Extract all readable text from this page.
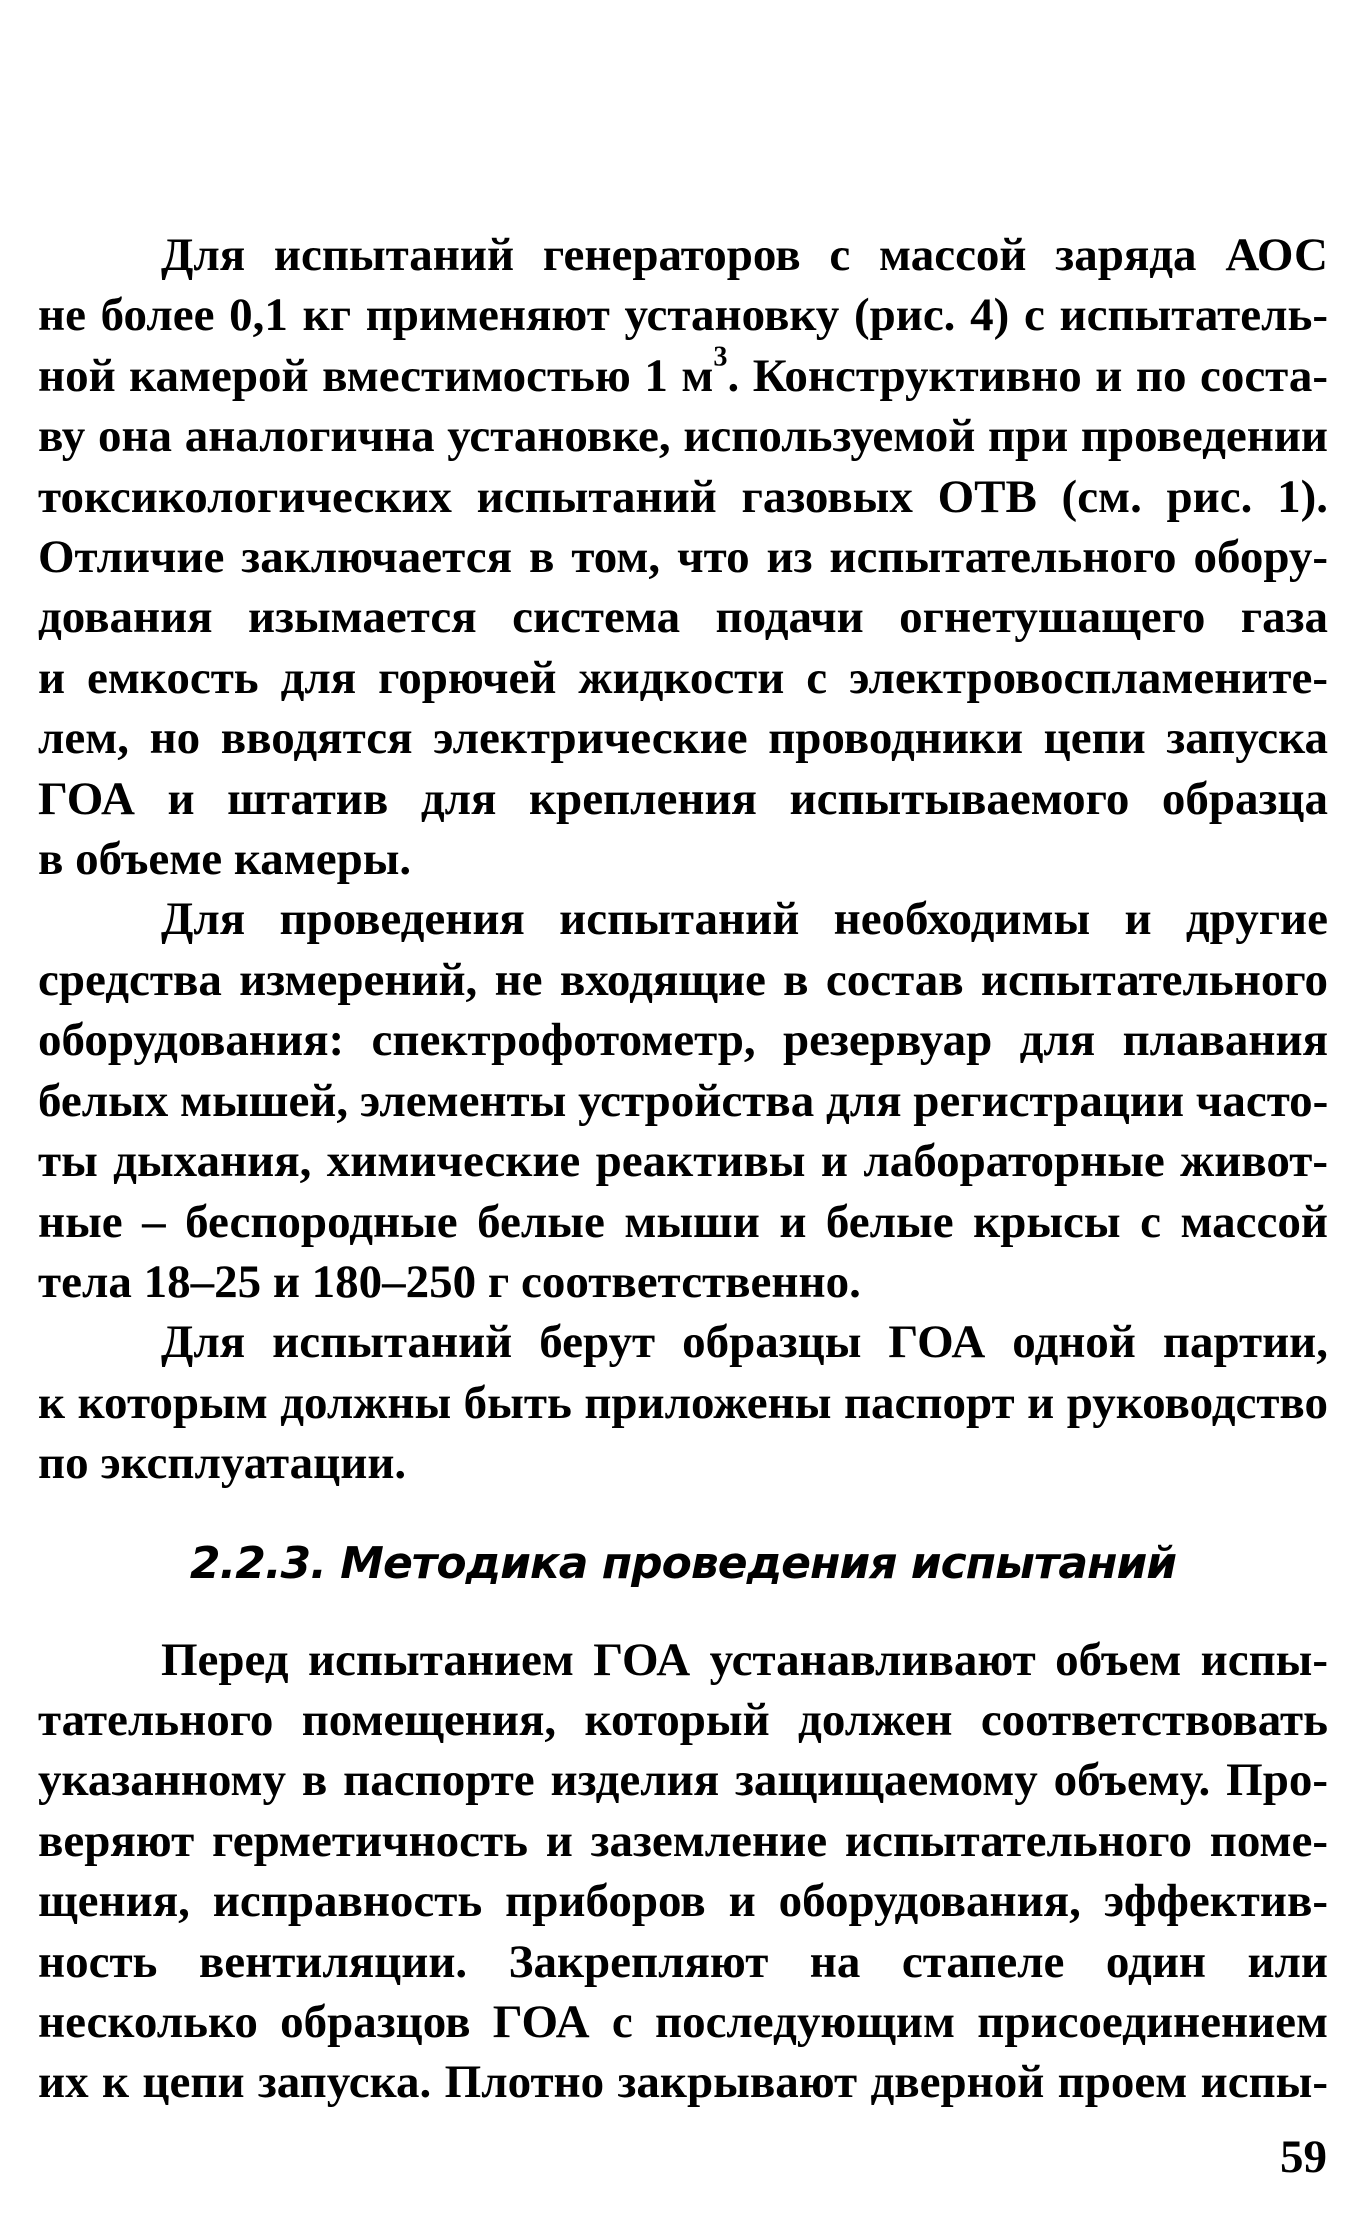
Для испытаний генераторов с массой заряда АОС
не более 0,1 кг применяют установку (рис. 4) с испытатель-
ной камерой вместимостью 1 $м^3$. Конструктивно и по соста-
ву она аналогична установке, используемой при проведении
токсикологических испытаний газовых ОТВ (см. рис. 1).
Отличие заключается в том, что из испытательного обору-
дования изымается система подачи огнетушащего газа
и емкость для горючей жидкости с электровоспламените-
лем, но вводятся электрические проводники цепи запуска
ГОА и штатив для крепления испытываемого образца
в объеме камеры.
Для проведения испытаний необходимы и другие
средства измерений, не входящие в состав испытательного
оборудования: спектрофотометр, резервуар для плавания
белых мышей, элементы устройства для регистрации часто-
ты дыхания, химические реактивы и лабораторные живот-
ные – беспородные белые мыши и белые крысы с массой
тела 18–25 и 180–250 г соответственно.
Для испытаний берут образцы ГОА одной партии,
к которым должны быть приложены паспорт и руководство
по эксплуатации.
2.2.3. Методика проведения испытаний
Перед испытанием ГОА устанавливают объем испы-
тательного помещения, который должен соответствовать
указанному в паспорте изделия защищаемому объему. Про-
веряют герметичность и заземление испытательного поме-
щения, исправность приборов и оборудования, эффектив-
ность вентиляции. Закрепляют на стапеле один или
несколько образцов ГОА с последующим присоединением
их к цепи запуска. Плотно закрывают дверной проем испы-
59
